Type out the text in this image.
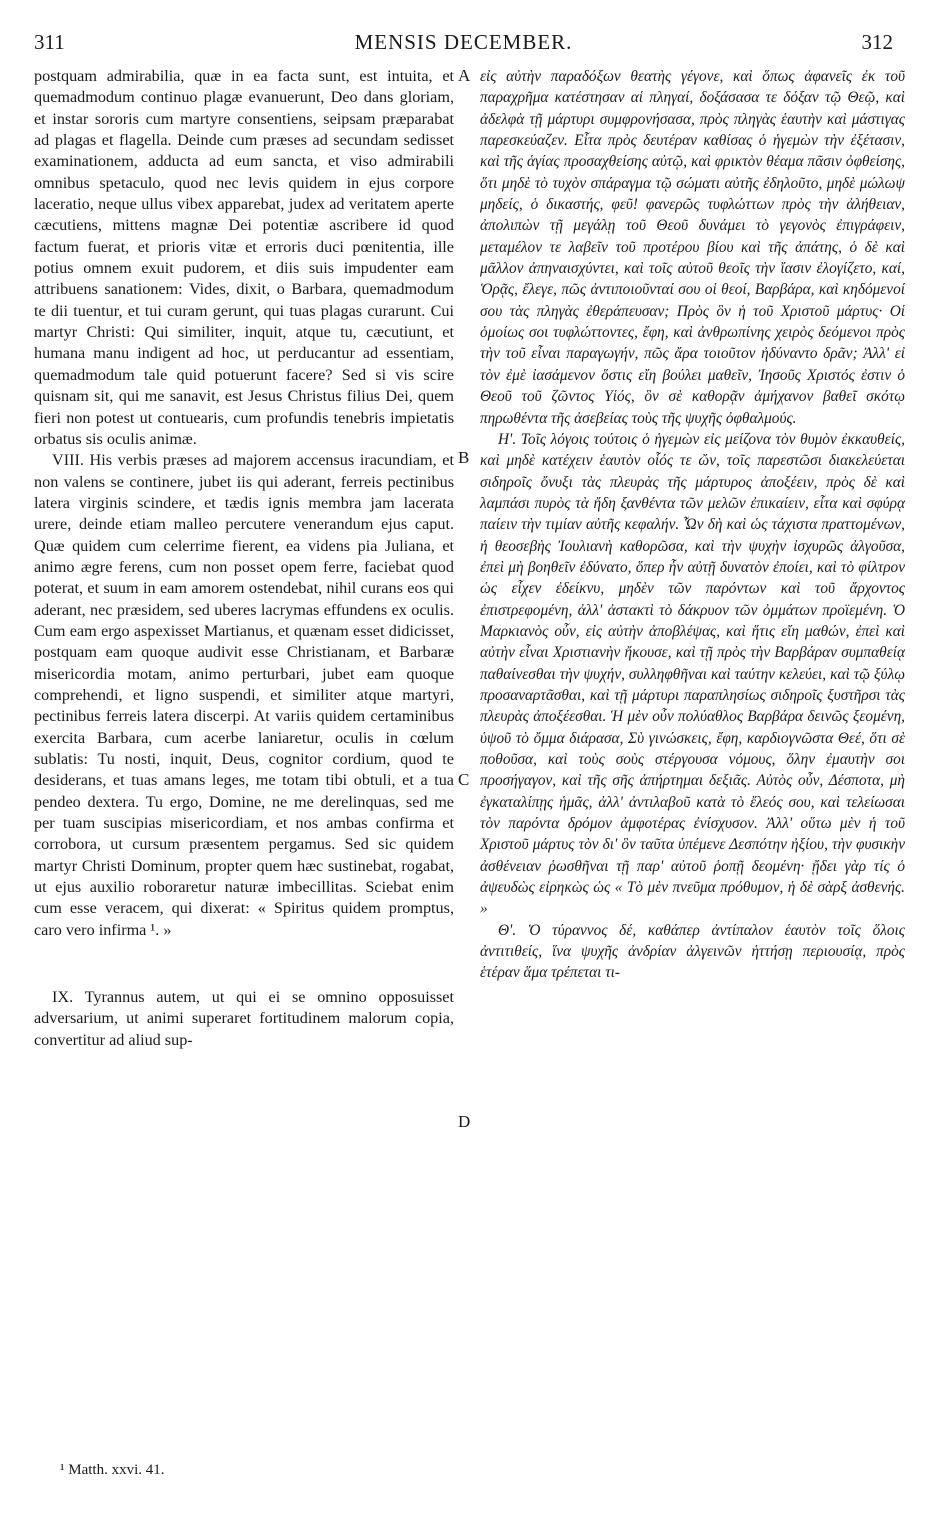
311	MENSIS DECEMBER.	312

postquam admirabilia, quæ in ea facta sunt, est intuita, et quemadmodum continuo plagæ evanuerunt, Deo dans gloriam, et instar sororis cum martyre consentiens, seipsam præparabat ad plagas et flagella. Deinde cum præses ad secundam sedisset examinationem, adducta ad eum sancta, et viso admirabili omnibus spetaculo, quod nec levis quidem in ejus corpore laceratio, neque ullus vibex apparebat, judex ad veritatem aperte cæcutiens, mittens magnæ Dei potentiæ ascribere id quod factum fuerat, et prioris vitæ et erroris duci pœnitentia, ille potius omnem exuit pudorem, et diis suis impudenter eam attribuens sanationem: Vides, dixit, o Barbara, quemadmodum te dii tuentur, et tui curam gerunt, qui tuas plagas curarunt. Cui martyr Christi: Qui similiter, inquit, atque tu, cæcutiunt, et humana manu indigent ad hoc, ut perducantur ad essentiam, quemadmodum tale quid potuerunt facere? Sed si vis scire quisnam sit, qui me sanavit, est Jesus Christus filius Dei, quem fieri non potest ut contuearis, cum profundis tenebris impietatis orbatus sis oculis animæ.

VIII. His verbis præses ad majorem accensus iracundiam, et non valens se continere, jubet iis qui aderant, ferreis pectinibus latera virginis scindere, et tædis ignis membra jam lacerata urere, deinde etiam malleo percutere venerandum ejus caput. Quæ quidem cum celerrime fierent, ea videns pia Juliana, et animo ægre ferens, cum non posset opem ferre, faciebat quod poterat, et suum in eam amorem ostendebat, nihil curans eos qui aderant, nec præsidem, sed uberes lacrymas effundens ex oculis. Cum eam ergo aspexisset Martianus, et quænam esset didicisset, postquam eam quoque audivit esse Christianam, et Barbaræ misericordia motam, animo perturbari, jubet eam quoque comprehendi, et ligno suspendi, et similiter atque martyri, pectinibus ferreis latera discerpi. At variis quidem certaminibus exercita Barbara, cum acerbe laniaretur, oculis in cœlum sublatis: Tu nosti, inquit, Deus, cognitor cordium, quod te desiderans, et tuas amans leges, me totam tibi obtuli, et a tua pendeo dextera. Tu ergo, Domine, ne me derelinquas, sed me per tuam suscipias misericordiam, et nos ambas confirma et corrobora, ut cursum præsentem pergamus. Sed sic quidem martyr Christi Dominum, propter quem hæc sustinebat, rogabat, ut ejus auxilio roboraretur naturæ imbecillitas. Sciebat enim cum esse veracem, qui dixerat: « Spiritus quidem promptus, caro vero infirma ¹. »

IX. Tyrannus autem, ut qui ei se omnino opposuisset adversarium, ut animi superaret fortitudinem malorum copia, convertitur ad aliud sup-

A
B
C
D

εἰς αὐτὴν παραδόξων θεατὴς γέγονε, καὶ ὅπως ἀφανεῖς ἐκ τοῦ παραχρῆμα κατέστησαν αἱ πληγαί, δοξάσασα τε δόξαν τῷ Θεῷ, καὶ ἀδελφὰ τῇ μάρτυρι συμφρονήσασα, πρὸς πληγὰς ἑαυτὴν καὶ μάστιγας παρεσκεύαζεν. Εἶτα πρὸς δευτέραν καθίσας ὁ ἡγεμὼν τὴν ἐξέτασιν, καὶ τῆς ἁγίας προσαχθείσης αὐτῷ, καὶ φρικτὸν θέαμα πᾶσιν ὀφθείσης, ὅτι μηδὲ τὸ τυχὸν σπάραγμα τῷ σώματι αὐτῆς ἐδηλοῦτο, μηδὲ μώλωψ μηδείς, ὁ δικαστής, φεῦ! φανερῶς τυφλώττων πρὸς τὴν ἀλήθειαν, ἀπολιπὼν τῇ μεγάλῃ τοῦ Θεοῦ δυνάμει τὸ γεγονὸς ἐπιγράφειν, μεταμέλον τε λαβεῖν τοῦ προτέρου βίου καὶ τῆς ἀπάτης, ὁ δὲ καὶ μᾶλλον ἀπηναισχύντει, καὶ τοῖς αὐτοῦ θεοῖς τὴν ἴασιν ἐλογίζετο, καί, Ὁρᾷς, ἔλεγε, πῶς ἀντιποιοῦνταί σου οἱ θεοί, Βαρβάρα, καὶ κηδόμενοί σου τὰς πληγὰς ἐθεράπευσαν; Πρὸς ὃν ἡ τοῦ Χριστοῦ μάρτυς· Οἱ ὁμοίως σοι τυφλώττοντες, ἔφη, καὶ ἀνθρωπίνης χειρὸς δεόμενοι πρὸς τὴν τοῦ εἶναι παραγωγήν, πῶς ἄρα τοιοῦτον ἠδύναντο δρᾶν; Ἀλλ' εἰ τὸν ἐμὲ ἰασάμενον ὅστις εἴη βούλει μαθεῖν, Ἰησοῦς Χριστός ἐστιν ὁ Θεοῦ τοῦ ζῶντος Υἱός, ὃν σὲ καθορᾷν ἀμήχανον βαθεῖ σκότῳ πηρωθέντα τῆς ἀσεβείας τοὺς τῆς ψυχῆς ὀφθαλμούς.

Η'. Τοῖς λόγοις τούτοις ὁ ἡγεμὼν εἰς μείζονα τὸν θυμὸν ἐκκαυθείς, καὶ μηδὲ κατέχειν ἑαυτὸν οἷός τε ὤν, τοῖς παρεστῶσι διακελεύεται σιδηροῖς ὄνυξι τὰς πλευρὰς τῆς μάρτυρος ἀποξέειν, πρὸς δὲ καὶ λαμπάσι πυρὸς τὰ ἤδη ξανθέντα τῶν μελῶν ἐπικαίειν, εἶτα καὶ σφύρᾳ παίειν τὴν τιμίαν αὐτῆς κεφαλήν. Ὧν δὴ καὶ ὡς τάχιστα πραττομένων, ἡ θεοσεβὴς Ἰουλιανὴ καθορῶσα, καὶ τὴν ψυχὴν ἰσχυρῶς ἀλγοῦσα, ἐπεὶ μὴ βοηθεῖν ἐδύνατο, ὅπερ ἦν αὐτῇ δυνατὸν ἐποίει, καὶ τὸ φίλτρον ὡς εἶχεν ἐδείκνυ, μηδὲν τῶν παρόντων καὶ τοῦ ἄρχοντος ἐπιστρεφομένη, ἀλλ' ἀστακτὶ τὸ δάκρυον τῶν ὀμμάτων προϊεμένη. Ὁ Μαρκιανὸς οὖν, εἰς αὐτὴν ἀποβλέψας, καὶ ἥτις εἴη μαθών, ἐπεὶ καὶ αὐτὴν εἶναι Χριστιανὴν ἤκουσε, καὶ τῇ πρὸς τὴν Βαρβάραν συμπαθείᾳ παθαίνεσθαι τὴν ψυχήν, συλληφθῆναι καὶ ταύτην κελεύει, καὶ τῷ ξύλῳ προσαναρτᾶσθαι, καὶ τῇ μάρτυρι παραπλησίως σιδηροῖς ξυστῆρσι τὰς πλευρὰς ἀποξέεσθαι. Ἡ μὲν οὖν πολύαθλος Βαρβάρα δεινῶς ξεομένη, ὑψοῦ τὸ ὄμμα διάρασα, Σὺ γινώσκεις, ἔφη, καρδιογνῶστα Θεέ, ὅτι σὲ ποθοῦσα, καὶ τοὺς σοὺς στέργουσα νόμους, ὅλην ἐμαυτὴν σοι προσήγαγον, καὶ τῆς σῆς ἀπήρτημαι δεξιᾶς. Αὐτὸς οὖν, Δέσποτα, μὴ ἐγκαταλίπῃς ἡμᾶς, ἀλλ' ἀντιλαβοῦ κατὰ τὸ ἔλεός σου, καὶ τελείωσαι τὸν παρόντα δρόμον ἀμφοτέρας ἐνίσχυσον. Ἀλλ' οὕτω μὲν ἡ τοῦ Χριστοῦ μάρτυς τὸν δι' ὃν ταῦτα ὑπέμενε Δεσπότην ἠξίου, τὴν φυσικὴν ἀσθένειαν ῥωσθῆναι τῇ παρ' αὐτοῦ ῥοπῇ δεομένη· ᾔδει γὰρ τίς ὁ ἀψευδὼς εἰρηκὼς ὡς « Τὸ μὲν πνεῦμα πρόθυμον, ἡ δὲ σὰρξ ἀσθενής. »

Θ'. Ὁ τύραννος δέ, καθάπερ ἀντίπαλον ἑαυτὸν τοῖς ὅλοις ἀντιτιθείς, ἵνα ψυχῆς ἀνδρίαν ἀλγεινῶν ἡττήσῃ περιουσίᾳ, πρὸς ἑτέραν ἅμα τρέπεται τι-

¹ Matth. xxvi. 41.
